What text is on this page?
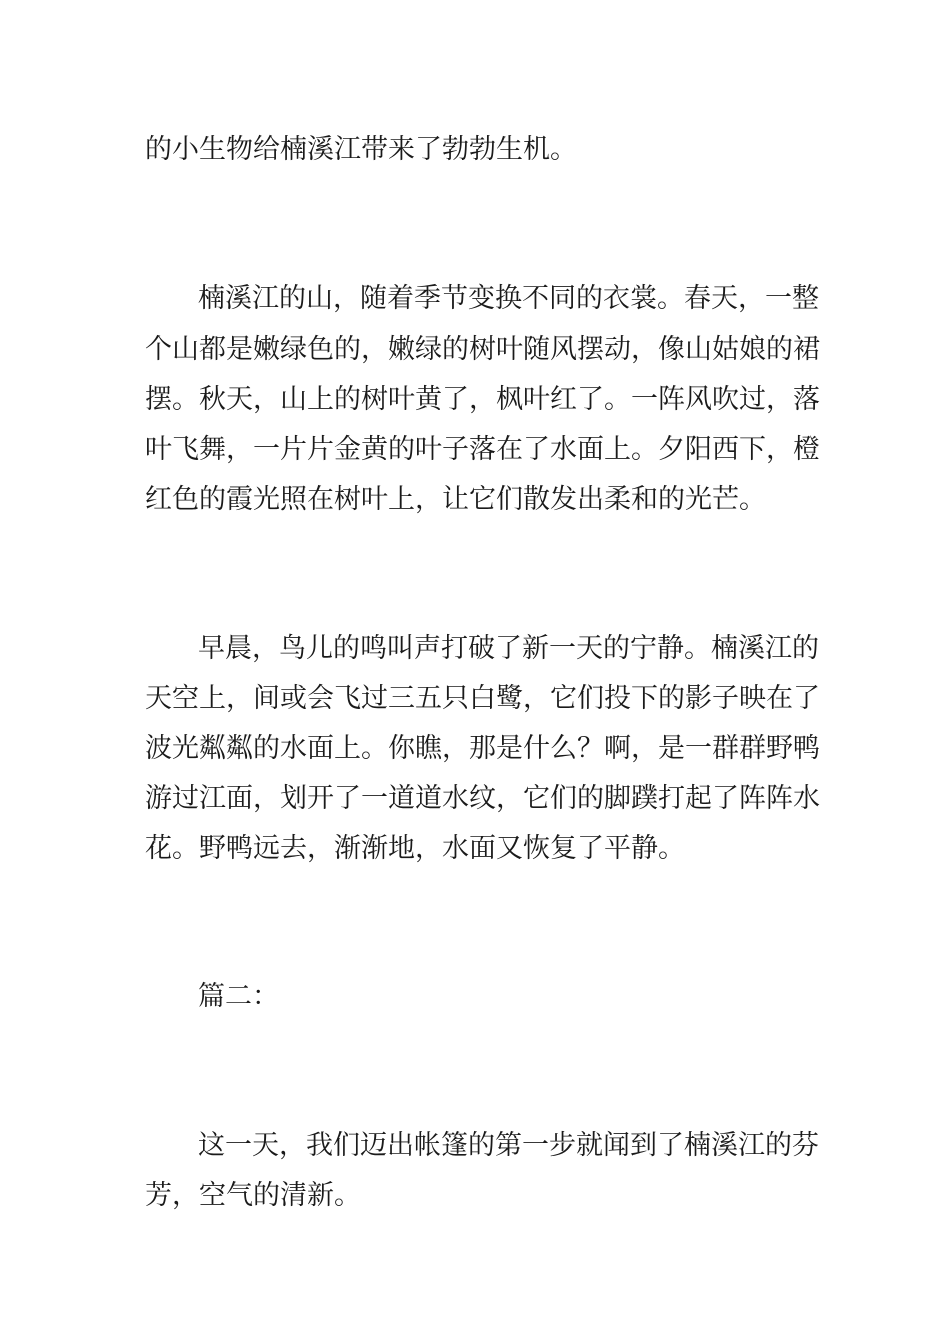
的小生物给楠溪江带来了勃勃生机。
楠溪江的山，随着季节变换不同的衣裳。春天，一整
个山都是嫩绿色的，嫩绿的树叶随风摆动，像山姑娘的裙
摆。秋天，山上的树叶黄了，枫叶红了。一阵风吹过，落
叶飞舞，一片片金黄的叶子落在了水面上。夕阳西下，橙
红色的霞光照在树叶上，让它们散发出柔和的光芒。
早晨，鸟儿的鸣叫声打破了新一天的宁静。楠溪江的
天空上，间或会飞过三五只白鹭，它们投下的影子映在了
波光粼粼的水面上。你瞧，那是什么？啊，是一群群野鸭
游过江面，划开了一道道水纹，它们的脚蹼打起了阵阵水
花。野鸭远去，渐渐地，水面又恢复了平静。
篇二：
这一天，我们迈出帐篷的第一步就闻到了楠溪江的芬
芳，空气的清新。
